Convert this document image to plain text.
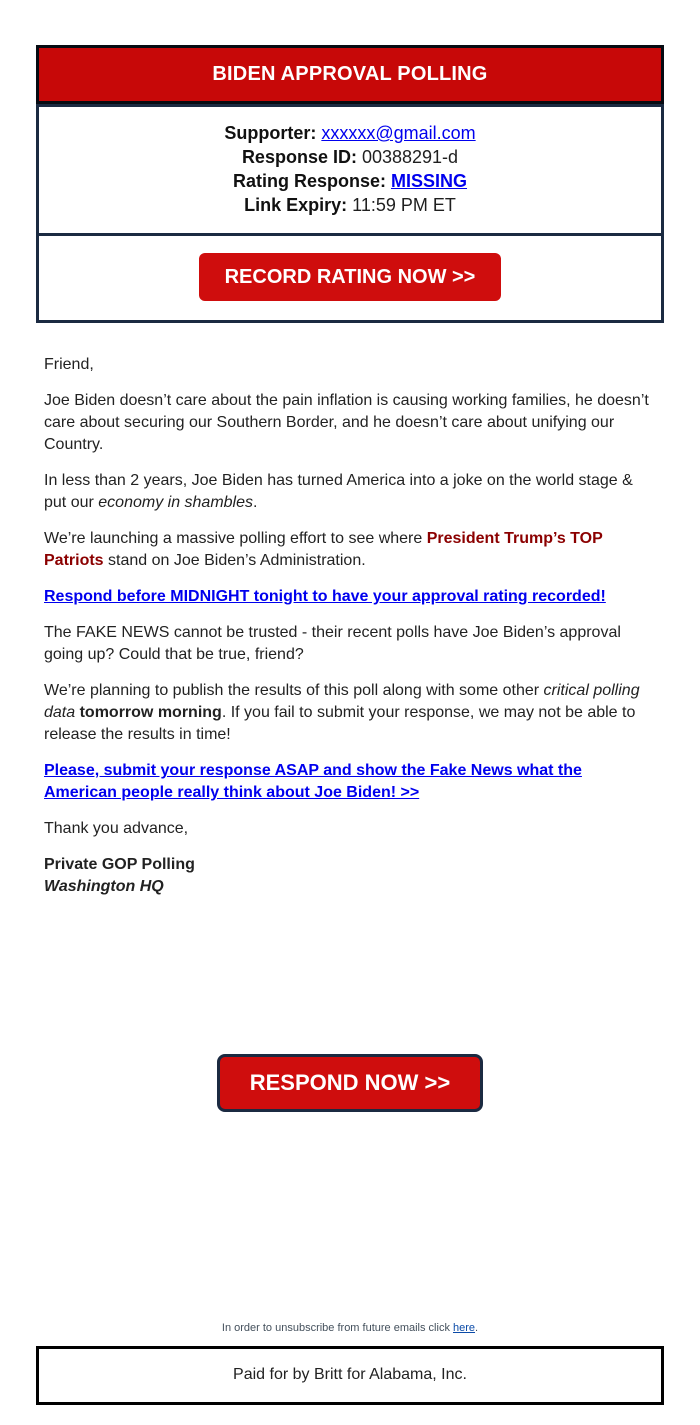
BIDEN APPROVAL POLLING
Supporter: xxxxxx@gmail.com
Response ID: 00388291-d
Rating Response: MISSING
Link Expiry: 11:59 PM ET
RECORD RATING NOW >>

Friend,

Joe Biden doesn’t care about the pain inflation is causing working families, he doesn’t care about securing our Southern Border, and he doesn’t care about unifying our Country.

In less than 2 years, Joe Biden has turned America into a joke on the world stage & put our economy in shambles.

We’re launching a massive polling effort to see where President Trump’s TOP Patriots stand on Joe Biden’s Administration.

Respond before MIDNIGHT tonight to have your approval rating recorded!

The FAKE NEWS cannot be trusted - their recent polls have Joe Biden’s approval going up? Could that be true, friend?

We’re planning to publish the results of this poll along with some other critical polling data tomorrow morning. If you fail to submit your response, we may not be able to release the results in time!

Please, submit your response ASAP and show the Fake News what the American people really think about Joe Biden! >>

Thank you advance,

Private GOP Polling
Washington HQ

RESPOND NOW >>
In order to unsubscribe from future emails click here.
Paid for by Britt for Alabama, Inc.
